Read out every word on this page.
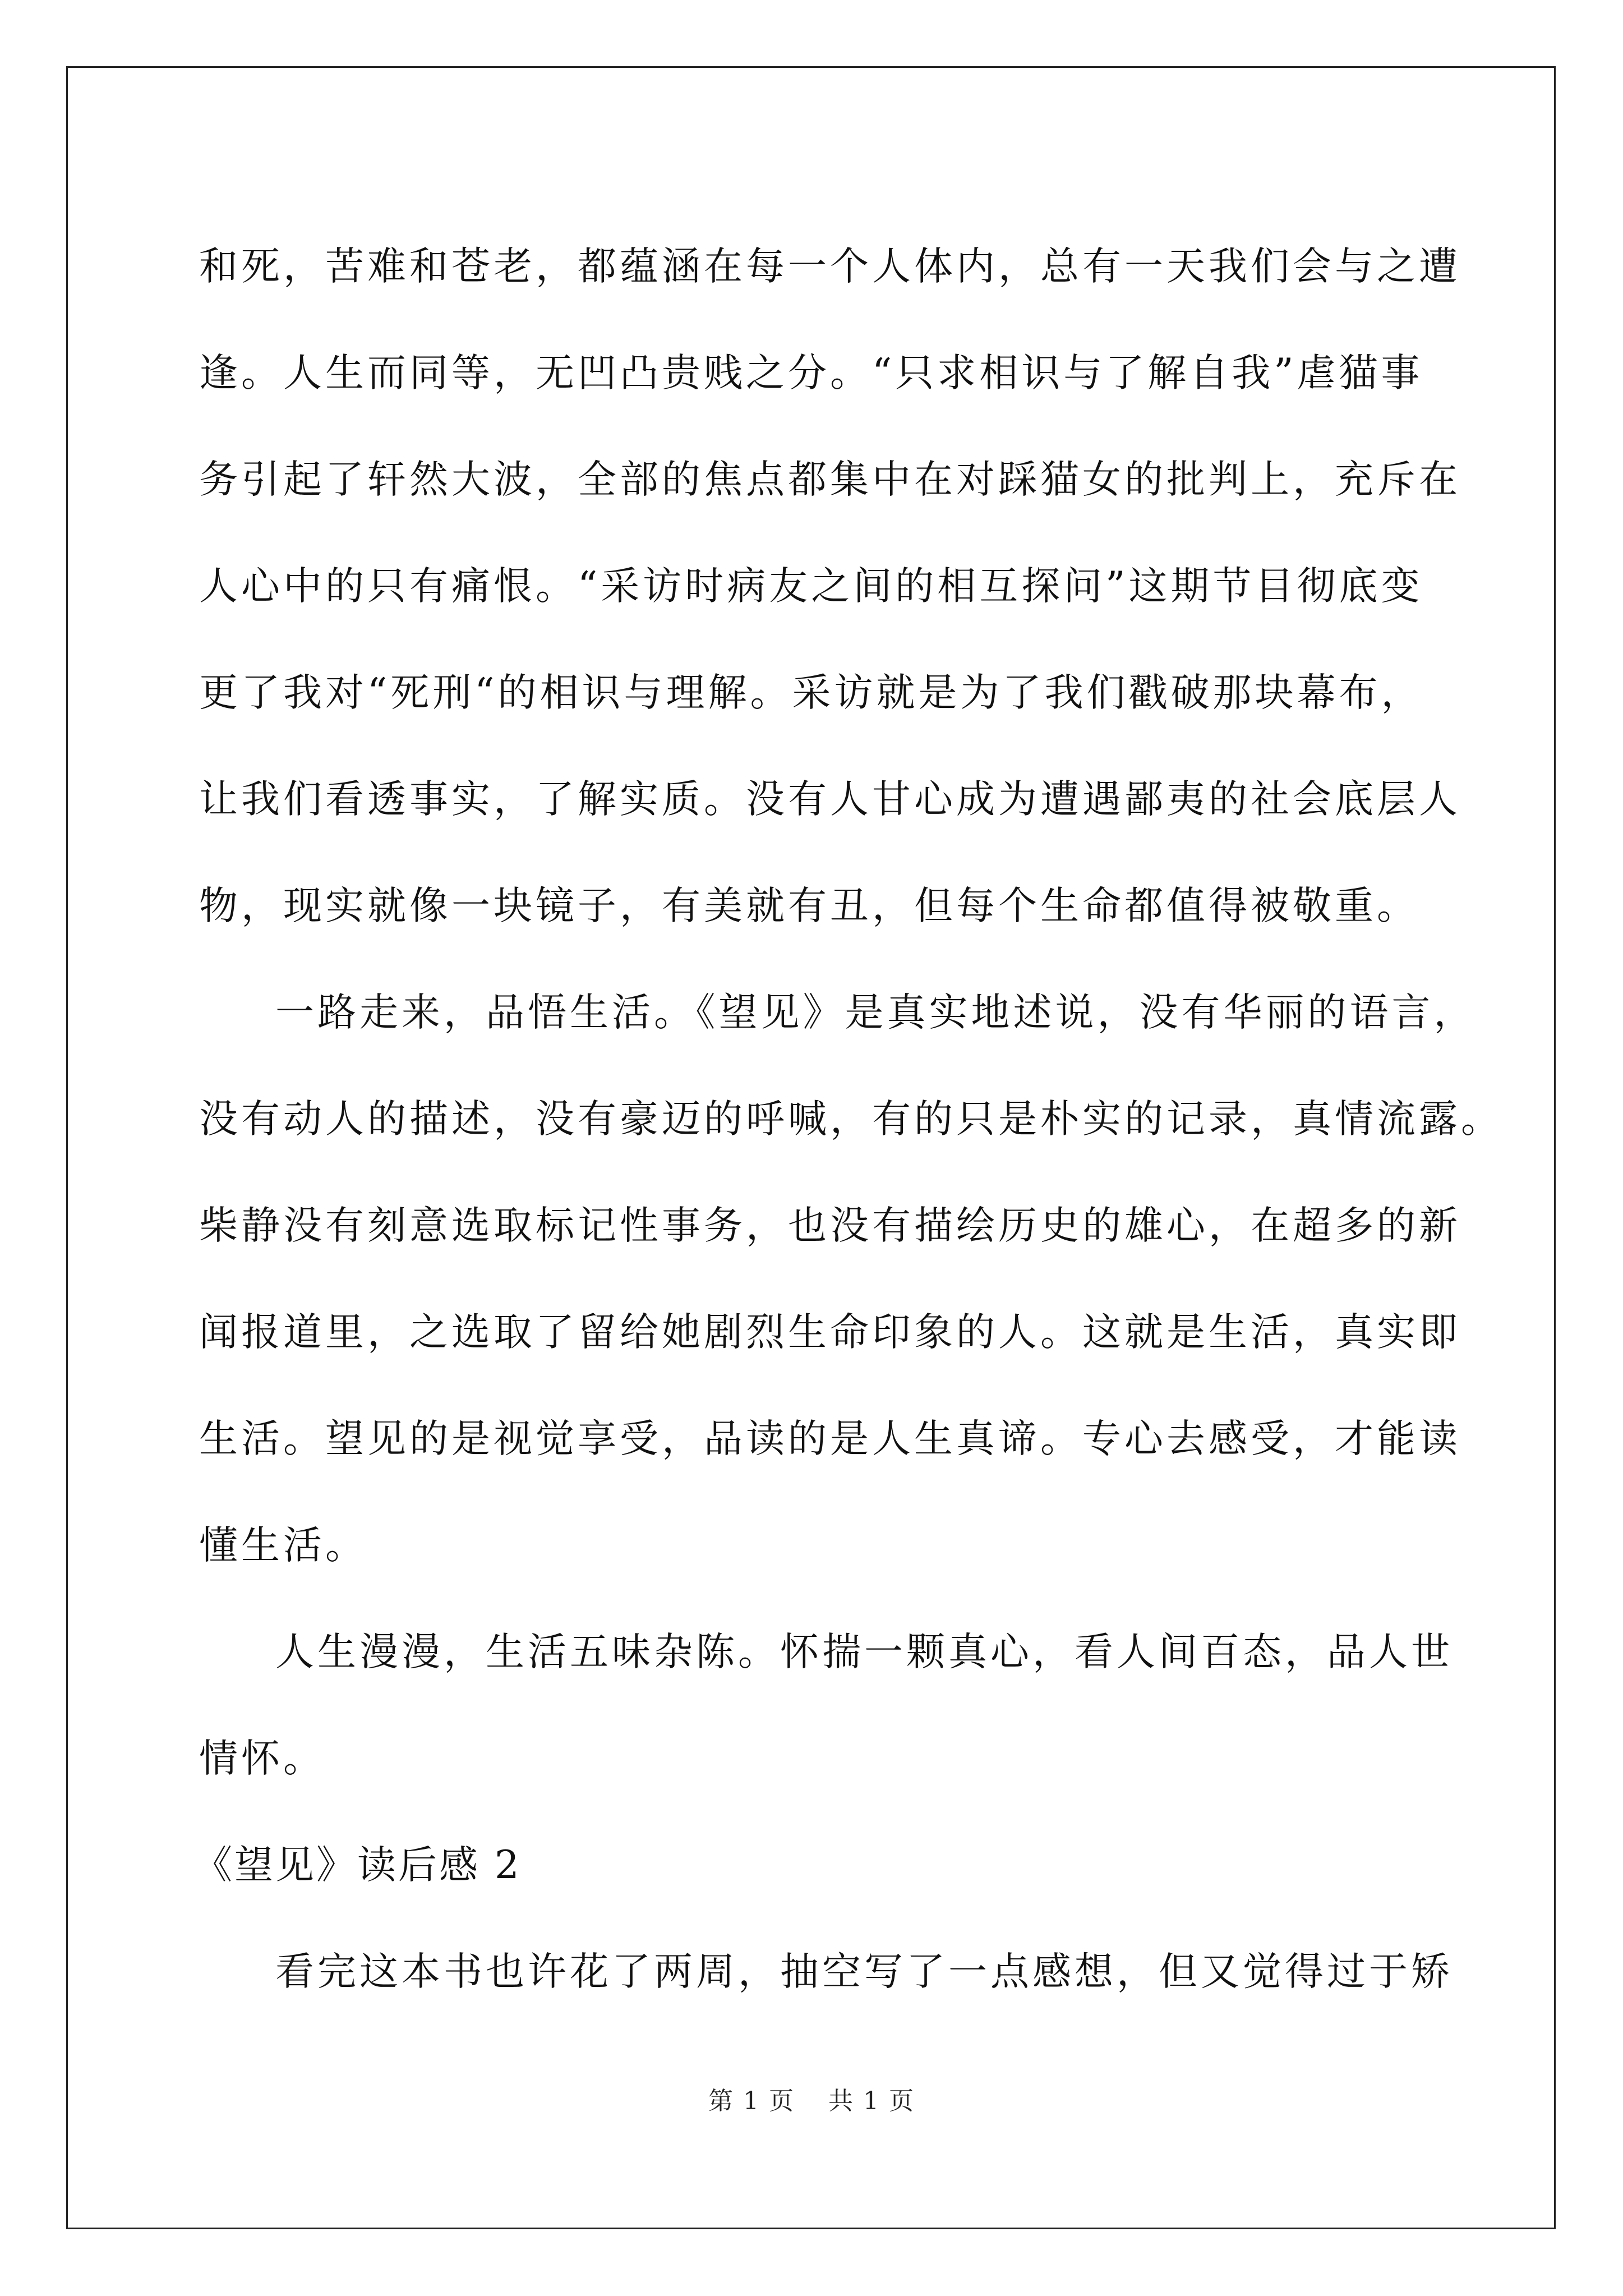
和死，苦难和苍老，都蕴涵在每一个人体内，总有一天我们会与之遭
逢。人生而同等，无凹凸贵贱之分。“只求相识与了解自我”虐猫事
务引起了轩然大波，全部的焦点都集中在对踩猫女的批判上，充斥在
人心中的只有痛恨。“采访时病友之间的相互探问”这期节目彻底变
更了我对“死刑“的相识与理解。采访就是为了我们戳破那块幕布，
让我们看透事实，了解实质。没有人甘心成为遭遇鄙夷的社会底层人
物，现实就像一块镜子，有美就有丑，但每个生命都值得被敬重。
一路走来，品悟生活。《望见》是真实地述说，没有华丽的语言，
没有动人的描述，没有豪迈的呼喊，有的只是朴实的记录，真情流露。
柴静没有刻意选取标记性事务，也没有描绘历史的雄心，在超多的新
闻报道里，之选取了留给她剧烈生命印象的人。这就是生活，真实即
生活。望见的是视觉享受，品读的是人生真谛。专心去感受，才能读
懂生活。
人生漫漫，生活五味杂陈。怀揣一颗真心，看人间百态，品人世
情怀。
《望见》读后感 2
看完这本书也许花了两周，抽空写了一点感想，但又觉得过于矫
第 1 页 共 1 页
